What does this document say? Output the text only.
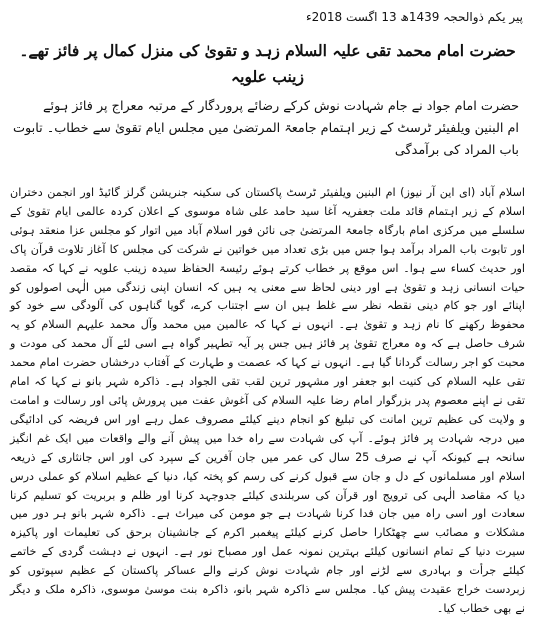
پیر یکم ذوالحجہ 1439ھ 13 اگست 2018ء
حضرت امام محمد تقی علیہ السلام زہد و تقویٰ کی منزل کمال پر فائز تھے۔ زینب علویہ
حضرت امام جواد نے جام شہادت نوش کرکے رضائے پروردگار کے مرتبہ معراج پر فائز ہوئے
ام البنین ویلفیئر ٹرسٹ کے زیر اہتمام جامعۃ المرتضیٰ میں مجلس ایام تقویٰ سے خطاب۔ تابوت باب المراد کی برآمدگی
اسلام آباد (ای این آر نیوز) ام البنین ویلفیئر ٹرسٹ پاکستان کی سکینہ جنریشن گرلز گائیڈ اور انجمن دختران اسلام کے زیر اہتمام قائد ملت جعفریہ آغا سید حامد علی شاہ موسوی کے اعلان کردہ عالمی ایام تقویٰ کے سلسلے میں مرکزی امام بارگاہ جامعۃ المرتضیٰ جی نائن فور اسلام آباد میں اتوار کو مجلس عزا منعقد ہوئی اور تابوت باب المراد برآمد ہوا جس میں بڑی تعداد میں خواتین نے شرکت کی مجلس کا آغاز تلاوت قرآن پاک اور حدیث کساء سے ہوا۔ اس موقع پر خطاب کرتے ہوئے رئیسۃ الحفاظ سیدہ زینب علویہ نے کہا کہ مقصد حیات انسانی زہد و تقویٰ ہے اور دینی لحاظ سے معنی یہ ہیں کہ انسان اپنی زندگی میں الٰہی اصولوں کو اپنائے اور جو کام دینی نقطہ نظر سے غلط ہیں ان سے اجتناب کرے، گویا گناہوں کی آلودگی سے خود کو محفوظ رکھنے کا نام زہد و تقویٰ ہے۔ انہوں نے کہا کہ عالمین میں محمد وآل محمد علیہم السلام کو یہ شرف حاصل ہے کہ وہ معراج تقویٰ پر فائز ہیں جس پر آیہ تطہیر گواہ ہے اسی لئے آل محمد کی مودت و محبت کو اجر رسالت گردانا گیا ہے۔ انہوں نے کہا کہ عصمت و طہارت کے آفتاب درخشاں حضرت امام محمد تقی علیہ السلام کی کنیت ابو جعفر اور مشہور ترین لقب تقی الجواد ہے۔ ذاکرہ شہر بانو نے کہا کہ امام تقی نے اپنے معصوم پدر بزرگوار امام رضا علیہ السلام کی آغوش عفت میں پرورش پائی اور رسالت و امامت و ولایت کی عظیم ترین امانت کی تبلیغ کو انجام دینے کیلئے مصروف عمل رہے اور اس فریضہ کی ادائیگی میں درجہ شہادت پر فائز ہوئے۔ آپ کی شہادت سے راہ خدا میں پیش آنے والے واقعات میں ایک غم انگیز سانحہ ہے کیونکہ آپ نے صرف 25 سال کی عمر میں جان آفرین کے سپرد کی اور اس جانثاری کے ذریعہ اسلام اور مسلمانوں کے دل و جان سے قبول کرنے کی رسم کو پختہ کیا، دنیا کے عظیم اسلام کو عملی درس دیا کہ مقاصد الٰہی کی ترویج اور قرآن کی سربلندی کیلئے جدوجہد کرنا اور ظلم و بربریت کو تسلیم کرنا سعادت اور اسی راہ میں جان فدا کرنا شہادت ہے جو مومن کی میراث ہے۔ ذاکرہ شہر بانو ہر دور میں مشکلات و مصائب سے چھٹکارا حاصل کرنے کیلئے پیغمبر اکرم کے جانشینان برحق کی تعلیمات اور پاکیزہ سیرت دنیا کے تمام انسانوں کیلئے بہترین نمونہ عمل اور مصباح نور ہے۔ انہوں نے دہشت گردی کے خاتمے کیلئے جرأت و بہادری سے لڑنے اور جام شہادت نوش کرنے والے عساکر پاکستان کے عظیم سپوتوں کو زبردست خراج عقیدت پیش کیا۔ مجلس سے ذاکرہ شہر بانو، ذاکرہ بنت موسیٰ موسوی، ذاکرہ ملک و دیگر نے بھی خطاب کیا۔
